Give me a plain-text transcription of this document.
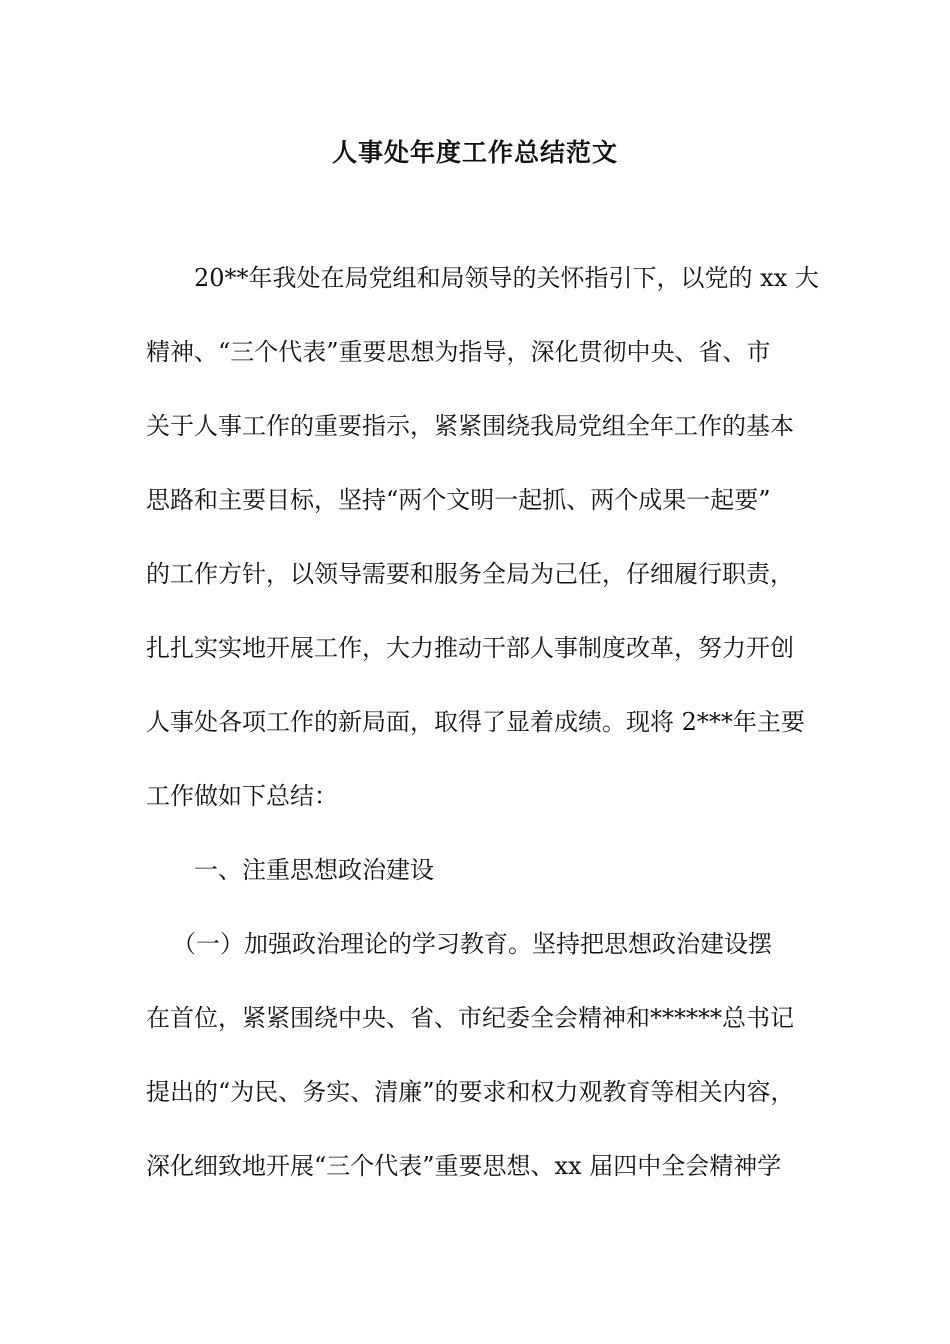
人事处年度工作总结范文
20**年我处在局党组和局领导的关怀指引下，以党的 xx 大
精神、“三个代表”重要思想为指导，深化贯彻中央、省、市
关于人事工作的重要指示，紧紧围绕我局党组全年工作的基本
思路和主要目标，坚持“两个文明一起抓、两个成果一起要”
的工作方针，以领导需要和服务全局为己任，仔细履行职责，
扎扎实实地开展工作，大力推动干部人事制度改革，努力开创
人事处各项工作的新局面，取得了显着成绩。现将 2***年主要
工作做如下总结：
一、注重思想政治建设
（一）加强政治理论的学习教育。坚持把思想政治建设摆
在首位，紧紧围绕中央、省、市纪委全会精神和******总书记
提出的“为民、务实、清廉”的要求和权力观教育等相关内容，
深化细致地开展“三个代表”重要思想、xx 届四中全会精神学
